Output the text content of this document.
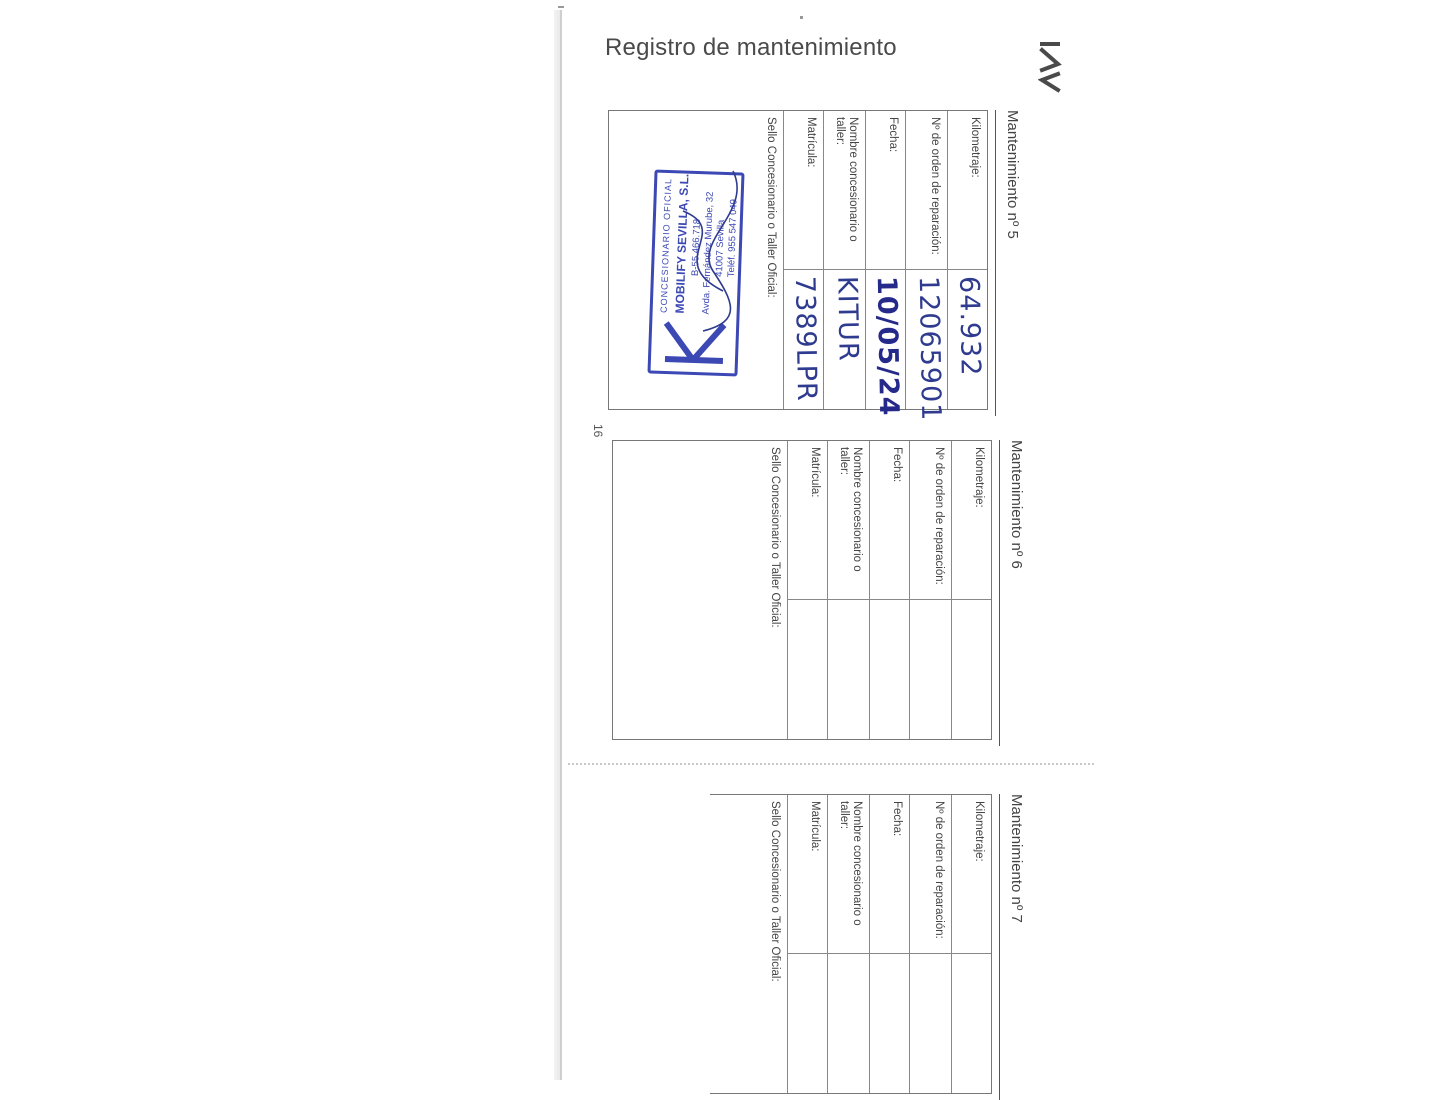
Registro de mantenimiento
16
Mantenimiento nº 5
Kilometraje:
64.932
Nº de orden de reparación:
12065901
Fecha:
10/05/24
Nombre concesionario o taller:
KITUR
Matrícula:
7389LPR
Sello Concesionario o Taller Oficial:
CONCESIONARIO OFICIAL MOBILIFY SEVILLA, S.L.
B-55.466.718
Avda. Fernández Murube, 32
41007 Sevilla Teléf. 955 547 049
Mantenimiento nº 6
Kilometraje:
Nº de orden de reparación:
Fecha:
Nombre concesionario o taller:
Matrícula:
Sello Concesionario o Taller Oficial:
Mantenimiento nº 7
Kilometraje:
Nº de orden de reparación:
Fecha:
Nombre concesionario o taller:
Matrícula:
Sello Concesionario o Taller Oficial:
